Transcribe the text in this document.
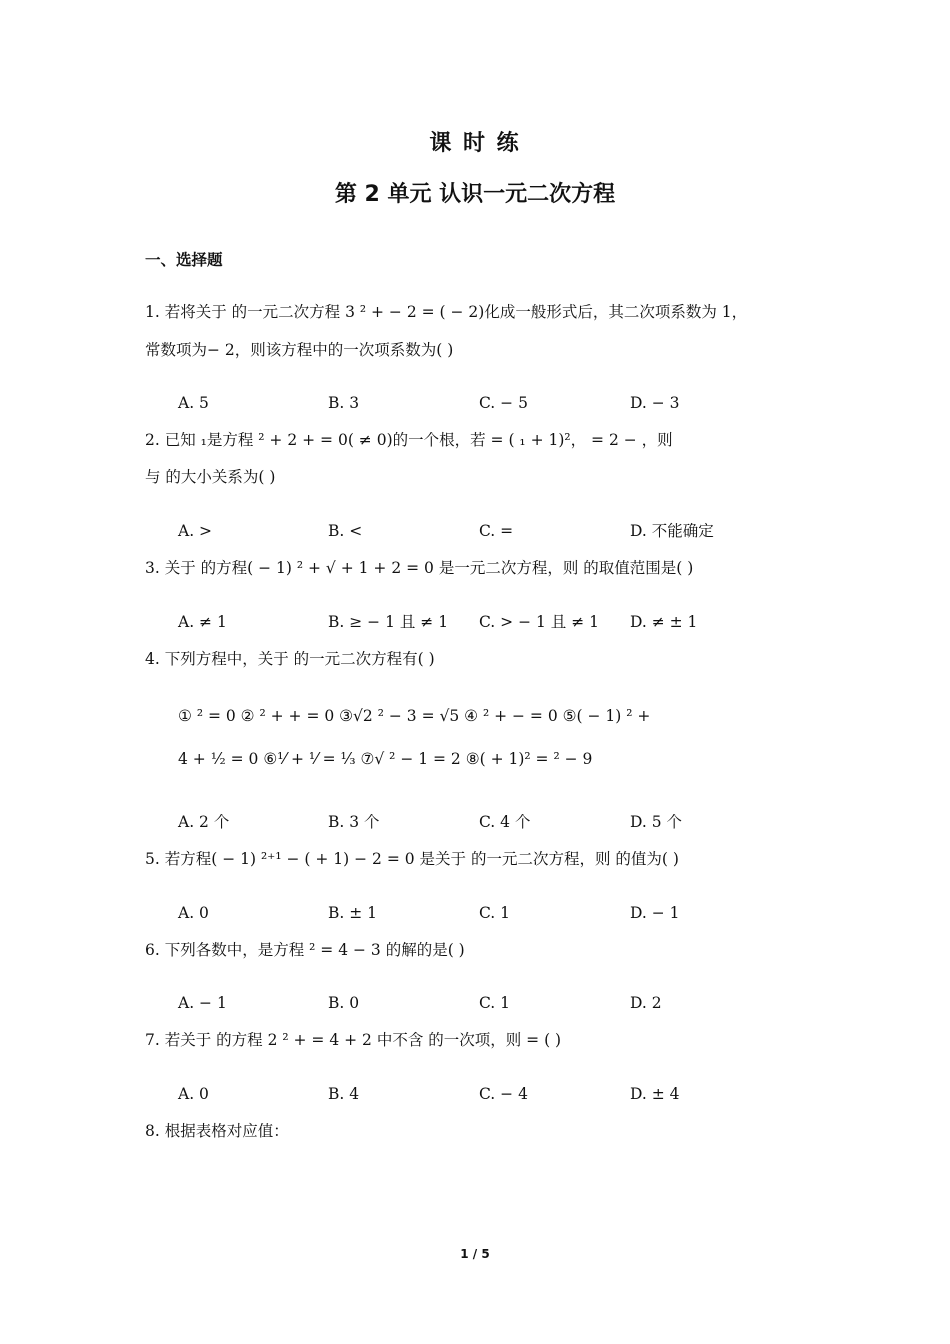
课 时 练
第 2 单元 认识一元二次方程
一、选择题
1. 若将关于 的一元二次方程 3 ² + − 2 = ( − 2)化成一般形式后，其二次项系数为 1，
常数项为− 2，则该方程中的一次项系数为( )
A. 5	B. 3	C. − 5	D. − 3
2. 已知 ₁是方程 ² + 2 + = 0( ≠ 0)的一个根，若 = ( ₁ + 1)²， = 2 − ，则
与 的大小关系为( )
A. >	B. <	C. =	D. 不能确定
3. 关于 的方程( − 1) ² + √ + 1 + 2 = 0 是一元二次方程，则 的取值范围是( )
A. ≠ 1	B. ≥ − 1 且 ≠ 1 C. > − 1 且 ≠ 1 D. ≠ ± 1
4. 下列方程中，关于 的一元二次方程有( )
① ² = 0 ② ² + + = 0 ③√2 ² − 3 = √5 ④ ² + − = 0 ⑤( − 1) ² +
4 + ⅟₂ = 0 ⑥¹⁄ + ¹⁄ = ¹⁄₃ ⑦√ ² − 1 = 2 ⑧( + 1)² = ² − 9
A. 2 个	B. 3 个	C. 4 个	D. 5 个
5. 若方程( − 1) ²⁺¹ − ( + 1) − 2 = 0 是关于 的一元二次方程，则 的值为( )
A. 0	B. ± 1	C. 1	D. − 1
6. 下列各数中，是方程 ² = 4 − 3 的解的是( )
A. − 1	B. 0	C. 1	D. 2
7. 若关于 的方程 2 ² + = 4 + 2 中不含 的一次项，则 = ( )
A. 0	B. 4	C. − 4	D. ± 4
8. 根据表格对应值：
1 / 5
